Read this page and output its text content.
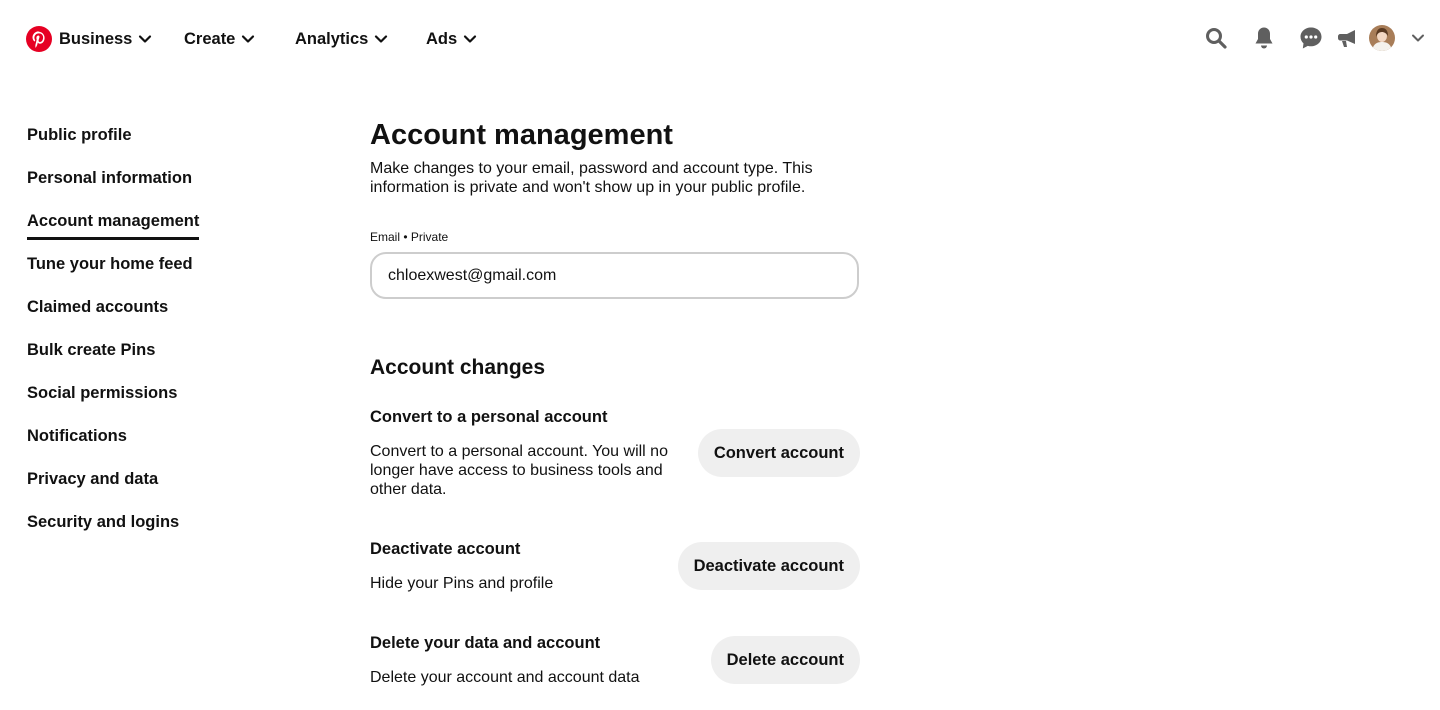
Business	Create	Analytics	Ads
Public profile
Personal information
Account management
Tune your home feed
Claimed accounts
Bulk create Pins
Social permissions
Notifications
Privacy and data
Security and logins
Account management

Make changes to your email, password and account type. This information is private and won't show up in your public profile.

Email • Private
chloexwest@gmail.com
Account changes
Convert to a personal account

Convert to a personal account. You will no longer have access to business tools and other data.

Convert account
Deactivate account

Hide your Pins and profile

Deactivate account
Delete your data and account

Delete your account and account data

Delete account
